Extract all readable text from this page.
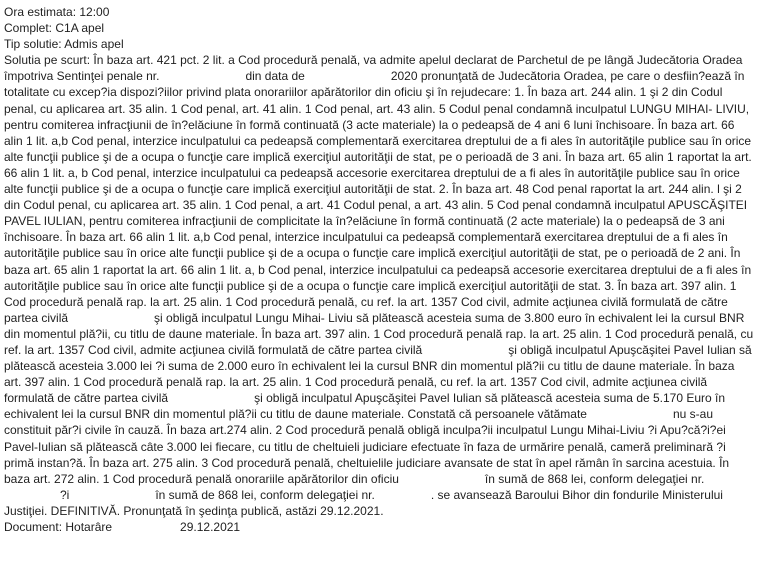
Ora estimata: 12:00
Complet: C1A apel
Tip solutie: Admis apel

Solutia pe scurt: În baza art. 421 pct. 2 lit. a Cod procedură penală, va admite apelul declarat de Parchetul de pe lângă Judecătoria Oradea împotriva Sentinţei penale nr.	din data de	2020 pronunţată de Judecătoria Oradea, pe care o desfiin?ează în totalitate cu excep?ia dispozi?iilor privind plata onorariilor apărătorilor din oficiu şi în rejudecare: 1. În baza art. 244 alin. 1 şi 2 din Codul penal, cu aplicarea art. 35 alin. 1 Cod penal, art. 41 alin. 1 Cod penal, art. 43 alin. 5 Codul penal condamnă inculpatul LUNGU MIHAI- LIVIU, pentru comiterea infracţiunii de în?elăciune în formă continuată (3 acte materiale) la o pedeapsă de 4 ani 6 luni închisoare. În baza art. 66 alin 1 lit. a,b Cod penal, interzice inculpatului ca pedeapsă complementară exercitarea dreptului de a fi ales în autorităţile publice sau în orice alte funcţii publice şi de a ocupa o funcţie care implică exerciţiul autorităţii de stat, pe o perioadă de 3 ani. În baza art. 65 alin 1 raportat la art. 66 alin 1 lit. a, b Cod penal, interzice inculpatului ca pedeapsă accesorie exercitarea dreptului de a fi ales în autorităţile publice sau în orice alte funcţii publice şi de a ocupa o funcţie care implică exerciţiul autorităţii de stat. 2. În baza art. 48 Cod penal raportat la art. 244 alin. l şi 2 din Codul penal, cu aplicarea art. 35 alin. 1 Cod penal, a art. 41 Codul penal, a art. 43 alin. 5 Cod penal condamnă inculpatul APUSCĂŞITEI PAVEL IULIAN, pentru comiterea infracţiunii de complicitate la în?elăciune în formă continuată (2 acte materiale) la o pedeapsă de 3 ani închisoare. În baza art. 66 alin 1 lit. a,b Cod penal, interzice inculpatului ca pedeapsă complementară exercitarea dreptului de a fi ales în autorităţile publice sau în orice alte funcţii publice şi de a ocupa o funcţie care implică exerciţiul autorităţii de stat, pe o perioadă de 2 ani. În baza art. 65 alin 1 raportat la art. 66 alin 1 lit. a, b Cod penal, interzice inculpatului ca pedeapsă accesorie exercitarea dreptului de a fi ales în autorităţile publice sau în orice alte funcţii publice şi de a ocupa o funcţie care implică exerciţiul autorităţii de stat. 3. În baza art. 397 alin. 1 Cod procedură penală rap. la art. 25 alin. 1 Cod procedură penală, cu ref. la art. 1357 Cod civil, admite acţiunea civilă formulată de către partea civilă	şi obligă inculpatul Lungu Mihai- Liviu să plătească acesteia suma de 3.800 euro în echivalent lei la cursul BNR din momentul plă?ii, cu titlu de daune materiale. În baza art. 397 alin. 1 Cod procedură penală rap. la art. 25 alin. 1 Cod procedură penală, cu ref. la art. 1357 Cod civil, admite acţiunea civilă formulată de către partea civilă	şi obligă inculpatul Apuşcăşitei Pavel Iulian să plătească acesteia 3.000 lei ?i suma de 2.000 euro în echivalent lei la cursul BNR din momentul plă?ii cu titlu de daune materiale. În baza art. 397 alin. 1 Cod procedură penală rap. la art. 25 alin. 1 Cod procedură penală, cu ref. la art. 1357 Cod civil, admite acţiunea civilă formulată de către partea civilă	şi obligă inculpatul Apuşcăşitei Pavel Iulian să plătească acesteia suma de 5.170 Euro în echivalent lei la cursul BNR din momentul plă?ii cu titlu de daune materiale. Constată că persoanele vătămate	nu s-au constituit păr?i civile în cauză. În baza art.274 alin. 2 Cod procedură penală obligă inculpa?ii inculpatul Lungu Mihai-Liviu ?i Apu?că?i?ei Pavel-Iulian să plătească câte 3.000 lei fiecare, cu titlu de cheltuieli judiciare efectuate în faza de urmărire penală, cameră preliminară ?i primă instan?ă. În baza art. 275 alin. 3 Cod procedură penală, cheltuielile judiciare avansate de stat în apel rămân în sarcina acestuia. În baza art. 272 alin. 1 Cod procedură penală onorariile apărătorilor din oficiu	în sumă de 868 lei, conform delegaţiei nr.?i	în sumă de 868 lei, conform delegaţiei nr.	. se avansează Baroului Bihor din fondurile Ministerului Justiţiei. DEFINITIVĂ. Pronunţată în şedinţa publică, astăzi 29.12.2021.

Document: Hotarâre	29.12.2021
